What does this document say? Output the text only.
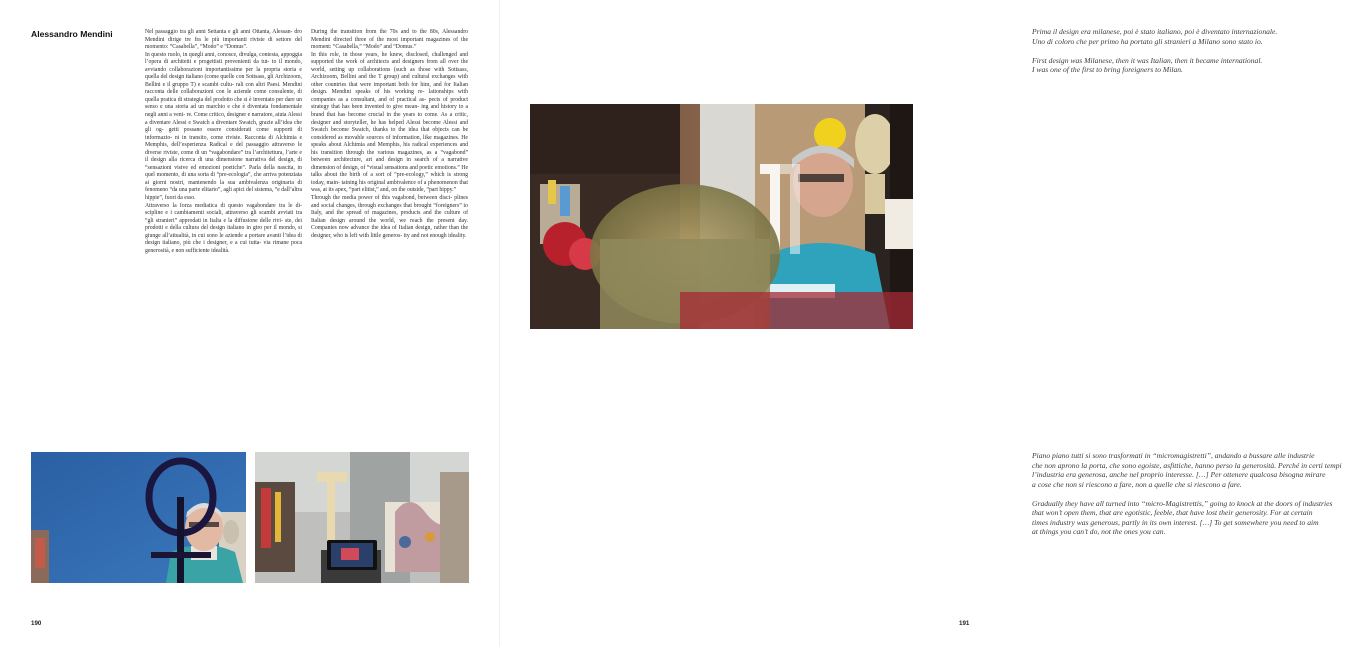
Alessandro Mendini	Nel passaggio tra gli anni Settanta e gli anni Ottanta, Alessan- dro Mendini dirige tre fra le più importanti riviste di settore del momento: “Casabella”, “Modo” e “Domus”.
In questo ruolo, in quegli anni, conosce, divulga, contesta, appoggia l’opera di architetti e progettisti provenienti da tut- to il mondo, avviando collaborazioni importantissime per la propria storia e quella del design italiano (come quelle con Sottsass, gli Archizoom, Bellini e il gruppo T) e scambi cultu- rali con altri Paesi. Mendini racconta delle collaborazioni con le aziende come consulente, di quella pratica di strategia del prodotto che si è inventato per dare un senso e una storia ad un marchio e che è diventata fondamentale negli anni a veni- re. Come critico, designer e narratore, aiuta Alessi a diventare Alessi e Swatch a diventare Swatch, grazie all’idea che gli og- getti possano essere considerati come supporti di informazio- ni in transito, come riviste. Racconta di Alchimia e Memphis, dell’esperienza Radical e del passaggio attraverso le diverse riviste, come di un “vagabondare” tra l’architettura, l’arte e il design alla ricerca di una dimensione narrativa del design, di “sensazioni visive ed emozioni poetiche”. Parla della nascita, in quel momento, di una sorta di “pre-ecologia”, che arriva potenziata ai giorni nostri, mantenendo la sua ambivalenza originaria di fenomeno “da una parte elitario”, agli apici del sistema, “e dall’altra hippie”, fuori da esso.
Attraverso la forza mediatica di questo vagabondare tra le di- scipline e i cambiamenti sociali, attraverso gli scambi avviati tra “gli stranieri” approdati in Italia e la diffusione delle rivi- ste, dei prodotti e della cultura del design italiano in giro per il mondo, si giunge all’attualità, in cui sono le aziende a portare avanti l’idea di design italiano, più che i designer, e a cui tutta- via rimane poca generosità, e non sufficiente idealità.
During the transition from the 70s and to the 80s, Alessandro Mendini directed three of the most important magazines of the moment: “Casabella,” “Modo” and “Domus.”
In this role, in those years, he knew, disclosed, challenged and supported the work of architects and designers from all over the world, setting up collaborations (such as those with Sottsass, Archizoom, Bellini and the T group) and cultural exchanges with other countries that were important both for him, and for Italian design. Mendini speaks of his working re- lationships with companies as a consultant, and of practical as- pects of product strategy that has been invented to give mean- ing and history to a brand that has become crucial in the years to come. As a critic, designer and storyteller, he has helped Alessi become Alessi and Swatch become Swatch, thanks to the idea that objects can be considered as movable sources of information, like magazines. He speaks about Alchimia and Memphis, his radical experiences and his transition through the various magazines, as a “vagabond” between architecture, art and design in search of a narrative dimension of design, of “visual sensations and poetic emotions.” He talks about the birth of a sort of “pre-ecology,” which is strong today, main- taining his original ambivalence of a phenomenon that was, at its apex, “part elitist,” and, on the outside, “part hippy.”
Through the media power of this vagabond, between disci- plines and social changes, through exchanges that brought “foreigners” to Italy, and the spread of magazines, products and the culture of Italian design around the world, we reach the present day. Companies now advance the idea of Italian design, rather than the designer, who is left with little generos- ity and not enough ideality.
190
Prima il design era milanese, poi è stato italiano, poi è diventato internazionale.
Uno di coloro che per primo ha portato gli stranieri a Milano sono stato io.

First design was Milanese, then it was Italian, then it became international.
I was one of the first to bring foreigners to Milan.
Piano piano tutti si sono trasformati in “micromagistretti”, andando a bussare alle industrie
che non aprono la porta, che sono egoiste, asfittiche, hanno perso la generosità. Perché in certi tempi
l’industria era generosa, anche nel proprio interesse. […] Per ottenere qualcosa bisogna mirare
a cose che non si riescono a fare, non a quelle che si riescono a fare.

Gradually they have all turned into “micro-Magistrettis,” going to knock at the doors of industries
that won’t open them, that are egotistic, feeble, that have lost their generosity. For at certain
times industry was generous, partly in its own interest. […] To get somewhere you need to aim
at things you can’t do, not the ones you can.
191
